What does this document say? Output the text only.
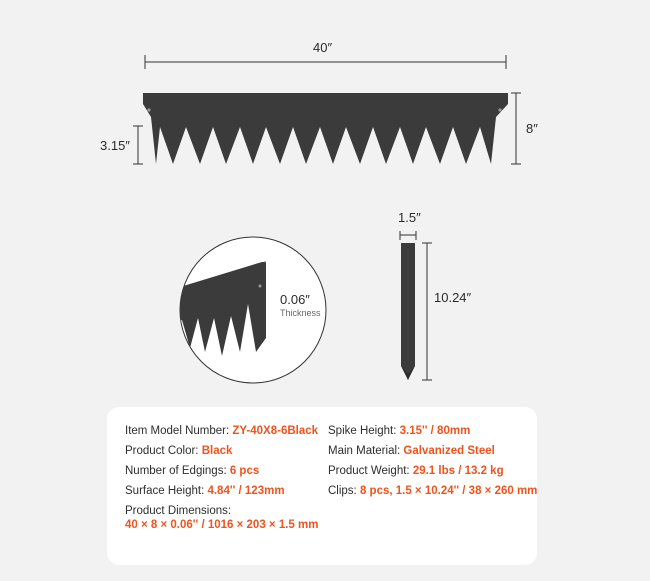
40″
8″
3.15″
1.5″
10.24″
0.06″
Thickness
Item Model Number: ZY-40X8-6Black
Product Color: Black
Number of Edgings: 6 pcs
Surface Height: 4.84'' / 123mm
Product Dimensions:
40 × 8 × 0.06'' / 1016 × 203 × 1.5 mm
Spike Height: 3.15'' / 80mm
Main Material: Galvanized Steel
Product Weight: 29.1 lbs / 13.2 kg
Clips: 8 pcs, 1.5 × 10.24'' / 38 × 260 mm
